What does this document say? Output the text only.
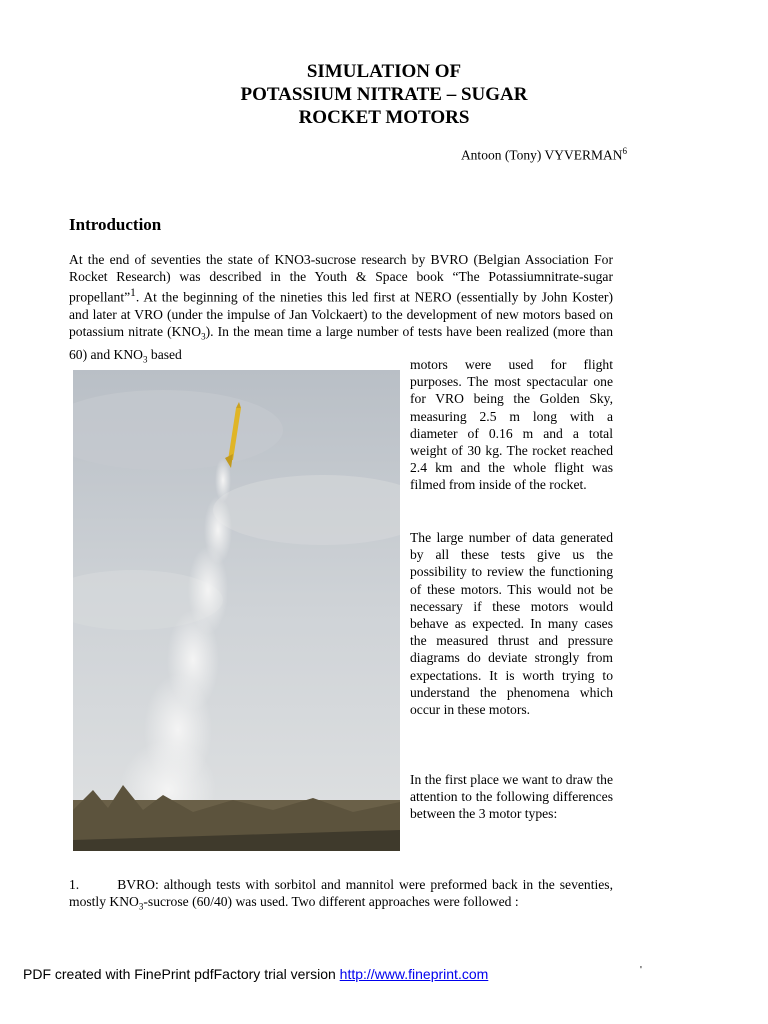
SIMULATION OF
POTASSIUM NITRATE – SUGAR
ROCKET MOTORS
Antoon (Tony) VYVERMAN$^6$
Introduction
At the end of seventies the state of KNO3-sucrose research by BVRO (Belgian Association For Rocket Research) was described in the Youth & Space book “The Potassiumnitrate-sugar propellant”$^1$. At the beginning of the nineties this led first at NERO (essentially by John Koster) and later at VRO (under the impulse of Jan Volckaert) to the development of new motors based on potassium nitrate $(KNO_3)$. In the mean time a large number of tests have been realized (more than 60) and $KNO_3$ based
motors were used for flight purposes. The most spectacular one for VRO being the Golden Sky, measuring 2.5 m long with a diameter of 0.16 m and a total weight of 30 kg. The rocket reached 2.4 km and the whole flight was filmed from inside of the rocket.
The large number of data generated by all these tests give us the possibility to review the functioning of these motors. This would not be necessary if these motors would behave as expected. In many cases the measured thrust and pressure diagrams do deviate strongly from expectations. It is worth trying to understand the phenomena which occur in these motors.
In the first place we want to draw the attention to the following differences between the 3 motor types:
1.	BVRO: although tests with sorbitol and mannitol were preformed back in the seventies, mostly $KNO_3$-sucrose (60/40) was used. Two different approaches were followed :
PDF created with FinePrint pdfFactory trial version http://www.fineprint.com	'
